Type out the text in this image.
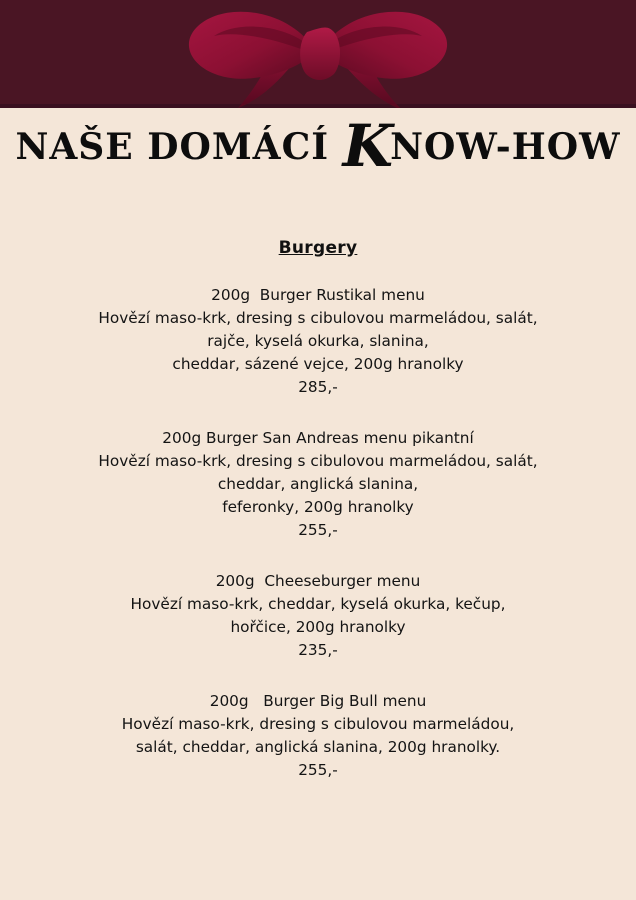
NAŠE DOMÁCÍ KNOW-HOW
Burgery
200g  Burger Rustikal menu
Hovězí maso-krk, dresing s cibulovou marmeládou, salát,
rajče, kyselá okurka, slanina,
cheddar, sázené vejce, 200g hranolky
285,-
200g Burger San Andreas menu pikantní
Hovězí maso-krk, dresing s cibulovou marmeládou, salát,
cheddar, anglická slanina,
feferonky, 200g hranolky
255,-
200g  Cheeseburger menu
Hovězí maso-krk, cheddar, kyselá okurka, kečup,
hořčice, 200g hranolky
235,-
200g   Burger Big Bull menu
Hovězí maso-krk, dresing s cibulovou marmeládou,
salát, cheddar, anglická slanina, 200g hranolky.
255,-
